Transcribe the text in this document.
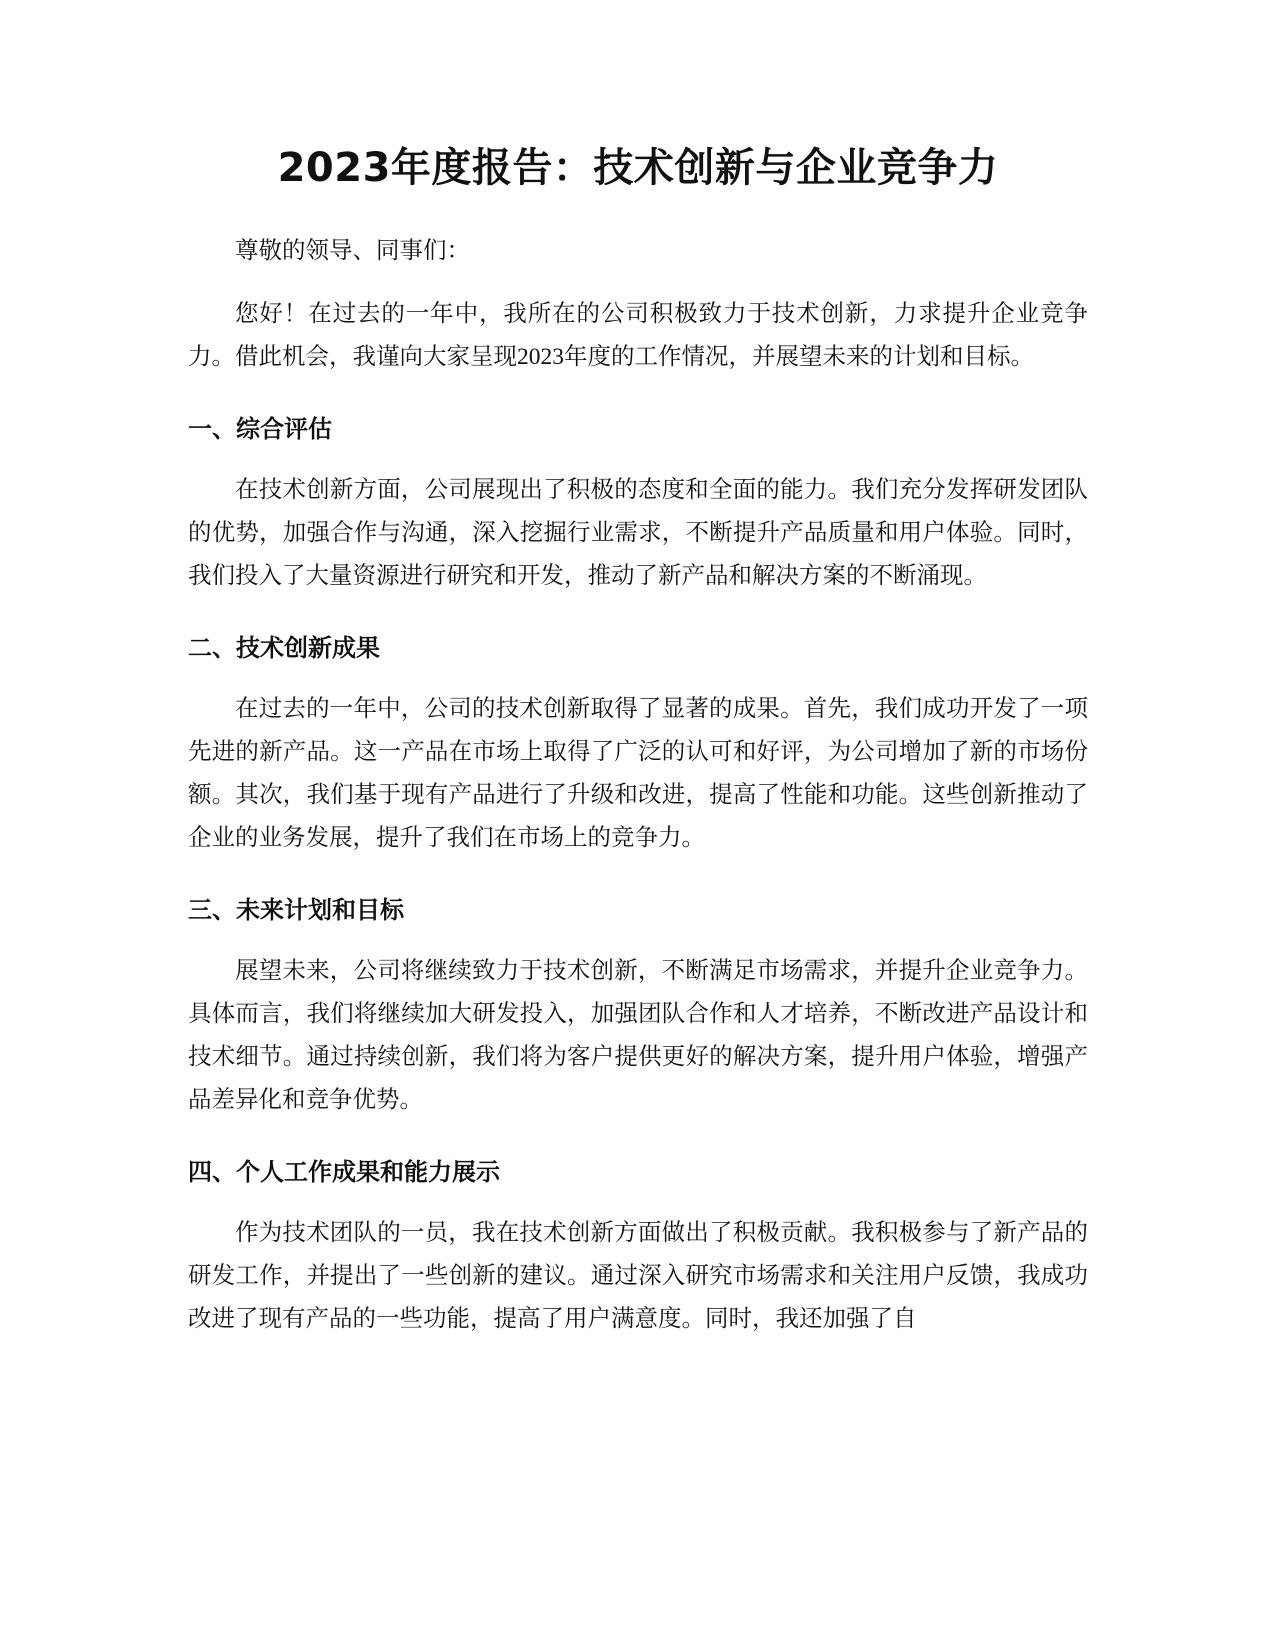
2023年度报告：技术创新与企业竞争力

尊敬的领导、同事们：

您好！在过去的一年中，我所在的公司积极致力于技术创新，力求提升企业竞争力。借此机会，我谨向大家呈现2023年度的工作情况，并展望未来的计划和目标。

一、综合评估

在技术创新方面，公司展现出了积极的态度和全面的能力。我们充分发挥研发团队的优势，加强合作与沟通，深入挖掘行业需求，不断提升产品质量和用户体验。同时，我们投入了大量资源进行研究和开发，推动了新产品和解决方案的不断涌现。

二、技术创新成果

在过去的一年中，公司的技术创新取得了显著的成果。首先，我们成功开发了一项先进的新产品。这一产品在市场上取得了广泛的认可和好评，为公司增加了新的市场份额。其次，我们基于现有产品进行了升级和改进，提高了性能和功能。这些创新推动了企业的业务发展，提升了我们在市场上的竞争力。

三、未来计划和目标

展望未来，公司将继续致力于技术创新，不断满足市场需求，并提升企业竞争力。具体而言，我们将继续加大研发投入，加强团队合作和人才培养，不断改进产品设计和技术细节。通过持续创新，我们将为客户提供更好的解决方案，提升用户体验，增强产品差异化和竞争优势。

四、个人工作成果和能力展示

作为技术团队的一员，我在技术创新方面做出了积极贡献。我积极参与了新产品的研发工作，并提出了一些创新的建议。通过深入研究市场需求和关注用户反馈，我成功改进了现有产品的一些功能，提高了用户满意度。同时，我还加强了自
